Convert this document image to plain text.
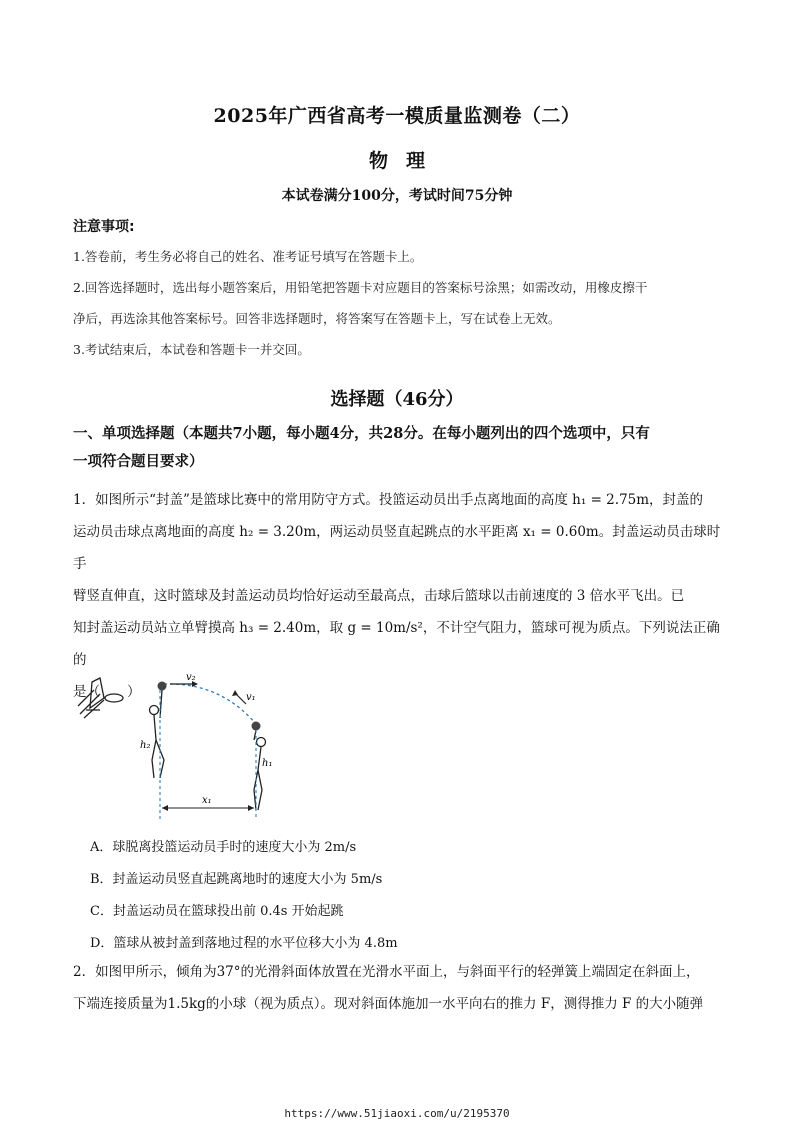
2025年广西省高考一模质量监测卷（二）
物理
本试卷满分100分，考试时间75分钟
注意事项:
1.答卷前，考生务必将自己的姓名、准考证号填写在答题卡上。
2.回答选择题时，选出每小题答案后，用铅笔把答题卡对应题目的答案标号涂黑；如需改动，用橡皮擦干
净后，再选涂其他答案标号。回答非选择题时，将答案写在答题卡上，写在试卷上无效。
3.考试结束后，本试卷和答题卡一并交回。
选择题（46分）
一、单项选择题（本题共7小题，每小题4分，共28分。在每小题列出的四个选项中，只有
一项符合题目要求）
1．如图所示“封盖”是篮球比赛中的常用防守方式。投篮运动员出手点离地面的高度 h₁ = 2.75m，封盖的
运动员击球点离地面的高度 h₂ = 3.20m，两运动员竖直起跳点的水平距离 x₁ = 0.60m。封盖运动员击球时手
臂竖直伸直，这时篮球及封盖运动员均恰好运动至最高点，击球后篮球以击前速度的 3 倍水平飞出。已
知封盖运动员站立单臂摸高 h₃ = 2.40m，取 g = 10m/s²，不计空气阻力，篮球可视为质点。下列说法正确的
是（　　）
v₂
v₁
h₂
h₁
x₁
A．球脱离投篮运动员手时的速度大小为 2m/s
B．封盖运动员竖直起跳离地时的速度大小为 5m/s
C．封盖运动员在篮球投出前 0.4s 开始起跳
D．篮球从被封盖到落地过程的水平位移大小为 4.8m
2．如图甲所示，倾角为37°的光滑斜面体放置在光滑水平面上，与斜面平行的轻弹簧上端固定在斜面上，
下端连接质量为1.5kg的小球（视为质点）。现对斜面体施加一水平向右的推力 F，测得推力 F 的大小随弹
https://www.51jiaoxi.com/u/2195370
